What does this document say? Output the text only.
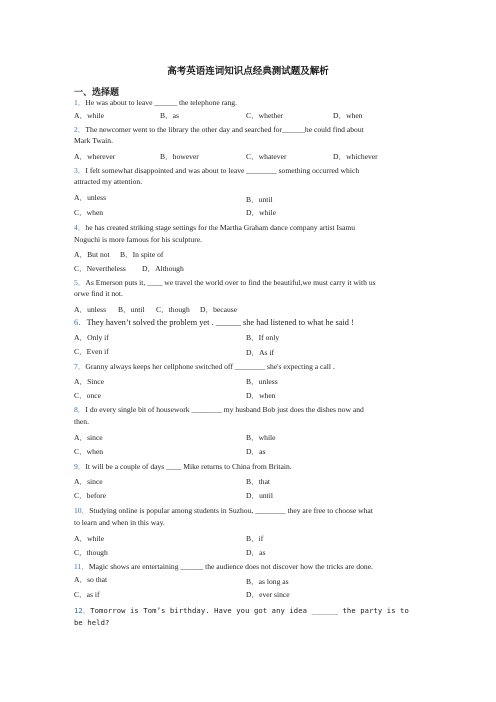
高考英语连词知识点经典测试题及解析
一、选择题
1．He was about to leave ______ the telephone rang.
A．while	B．as	C．whether	D．when
2．The newcomer went to the library the other day and searched for______he could find about
Mark Twain.
A．wherever	B．however	C．whatever	D．whichever
3．I felt somewhat disappointed and was about to leave ________ something occurred which
attracted my attention.
A．unless	B．until
C．when	D．while
4．he has created striking stage settings for the Martha Graham dance company artist Isamu
Noguchi is more famous for his sculpture.
A．But not B．In spite of
C．Nevertheless D．Although
5．As Emerson puts it, ____ we travel the world over to find the beautiful,we must carry it with us
orwe find it not.
A．unless B．until C．though D．because
6．They haven’t solved the problem yet . ______ she had listened to what he said !
A．Only if	B．If only
C．Even if	D．As if
7．Granny always keeps her cellphone switched off ________ she's expecting a call .
A．Since	B．unless
C．once	D．when
8．I do every single bit of housework ________ my husband Bob just does the dishes now and
then.
A．since	B．while
C．when	D．as
9．It will be a couple of days ____ Mike returns to China from Britain.
A．since	B．that
C．before	D．until
10．Studying online is popular among students in Suzhou, ________ they are free to choose what
to learn and when in this way.
A．while	B．if
C．though	D．as
11．Magic shows are entertaining ______ the audience does not discover how the tricks are done.
A．so that	B．as long as
C．as if	D．ever since
12．Tomorrow is Tom’s birthday. Have you got any idea ______ the party is to
be held?
